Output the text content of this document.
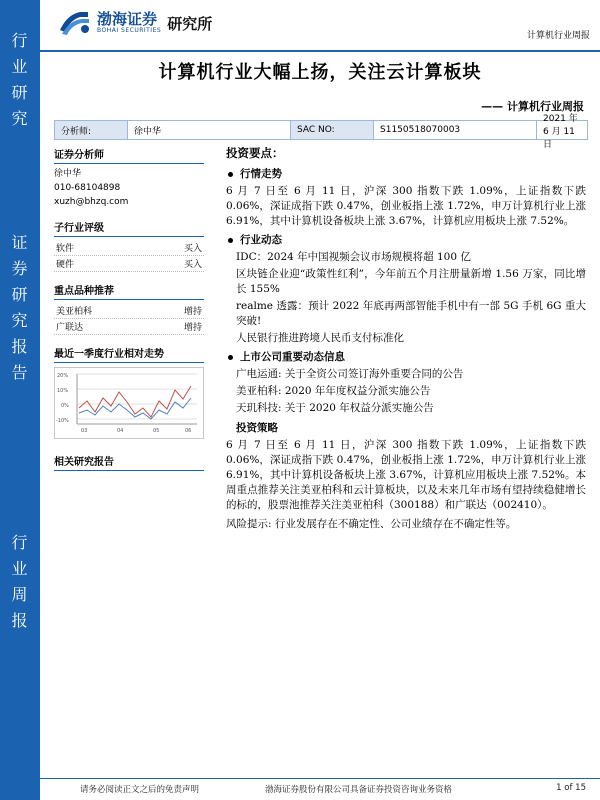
行
业
研
究
证
券
研
究
报
告
行
业
周
报
渤海证券
BOHAI SECURITIES 研究所
计算机行业周报
计算机行业大幅上扬，关注云计算板块
—— 计算机行业周报
分析师:	徐中华	SAC NO:	S1150518070003
2021 年 6 月 11 日
证券分析师
徐中华
010-68104898
xuzh@bhzq.com
子行业评级
软件	买入
硬件	买入
重点品种推荐
美亚柏科	增持
广联达	增持
最近一季度行业相对走势
20%
10%
0%
-10%
03	04	05	06
相关研究报告
投资要点：
行情走势

6 月 7 日至 6 月 11 日，沪深 300 指数下跌 1.09%，上证指数下跌 0.06%，深证成指下跌 0.47%，创业板指上涨 1.72%，申万计算机行业上涨 6.91%，其中计算机设备板块上涨 3.67%，计算机应用板块上涨 7.52%。

行业动态

IDC：2024 年中国视频会议市场规模将超 100 亿

区块链企业迎“政策性红利”，今年前五个月注册量新增 1.56 万家，同比增长 155%

realme 透露：预计 2022 年底再两部智能手机中有一部 5G 手机 6G 重大突破!

人民银行推进跨境人民币支付标准化

上市公司重要动态信息

广电运通: 关于全资公司签订海外重要合同的公告

美亚柏科: 2020 年年度权益分派实施公告

天玑科技: 关于 2020 年权益分派实施公告

投资策略

6 月 7 日至 6 月 11 日，沪深 300 指数下跌 1.09%，上证指数下跌 0.06%，深证成指下跌 0.47%，创业板指上涨 1.72%，申万计算机行业上涨 6.91%，其中计算机设备板块上涨 3.67%，计算机应用板块上涨 7.52%。本周重点推荐关注美亚柏科和云计算板块，以及未来几年市场有望持续稳健增长的标的，股票池推荐关注美亚柏科（300188）和广联达（002410）。

风险提示: 行业发展存在不确定性、公司业绩存在不确定性等。

请务必阅读正文之后的免责声明	渤海证券股份有限公司具备证券投资咨询业务资格	1 of 15
